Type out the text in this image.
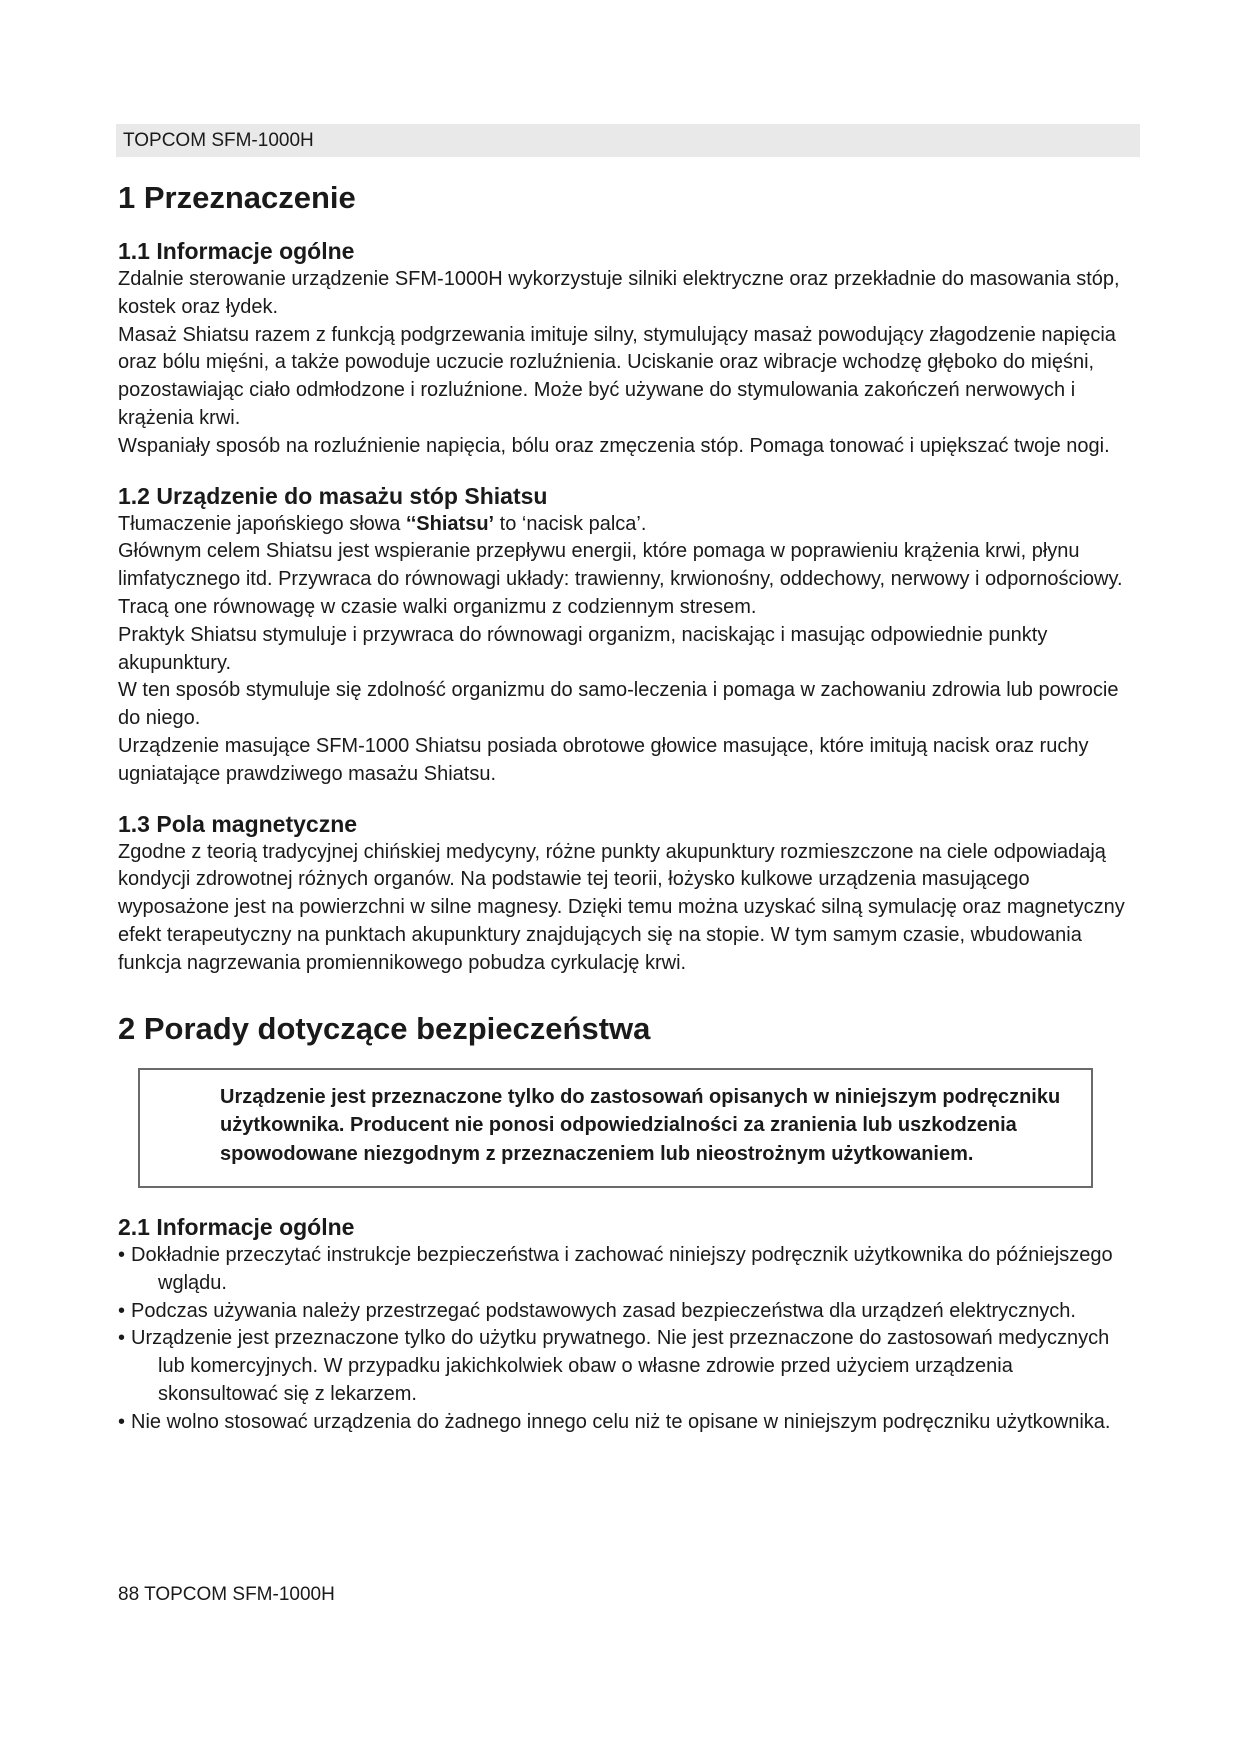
TOPCOM SFM-1000H
1 Przeznaczenie
1.1 Informacje ogólne

Zdalnie sterowanie urządzenie SFM-1000H wykorzystuje silniki elektryczne oraz przekładnie do masowania stóp, kostek oraz łydek.

Masaż Shiatsu razem z funkcją podgrzewania imituje silny, stymulujący masaż powodujący złagodzenie napięcia oraz bólu mięśni, a także powoduje uczucie rozluźnienia. Uciskanie oraz wibracje wchodzę głęboko do mięśni, pozostawiając ciało odmłodzone i rozluźnione. Może być używane do stymulowania zakończeń nerwowych i krążenia krwi.

Wspaniały sposób na rozluźnienie napięcia, bólu oraz zmęczenia stóp. Pomaga tonować i upiększać twoje nogi.

1.2 Urządzenie do masażu stóp Shiatsu

Tłumaczenie japońskiego słowa ‘‘Shiatsu’ to ‘nacisk palca’.

Głównym celem Shiatsu jest wspieranie przepływu energii, które pomaga w poprawieniu krążenia krwi, płynu limfatycznego itd. Przywraca do równowagi układy: trawienny, krwionośny, oddechowy, nerwowy i odpornościowy. Tracą one równowagę w czasie walki organizmu z codziennym stresem.

Praktyk Shiatsu stymuluje i przywraca do równowagi organizm, naciskając i masując odpowiednie punkty akupunktury.

W ten sposób stymuluje się zdolność organizmu do samo-leczenia i pomaga w zachowaniu zdrowia lub powrocie do niego.

Urządzenie masujące SFM-1000 Shiatsu posiada obrotowe głowice masujące, które imitują nacisk oraz ruchy ugniatające prawdziwego masażu Shiatsu.

1.3 Pola magnetyczne

Zgodne z teorią tradycyjnej chińskiej medycyny, różne punkty akupunktury rozmieszczone na ciele odpowiadają kondycji zdrowotnej różnych organów. Na podstawie tej teorii, łożysko kulkowe urządzenia masującego wyposażone jest na powierzchni w silne magnesy. Dzięki temu można uzyskać silną symulację oraz magnetyczny efekt terapeutyczny na punktach akupunktury znajdujących się na stopie. W tym samym czasie, wbudowania funkcja nagrzewania promiennikowego pobudza cyrkulację krwi.

2 Porady dotyczące bezpieczeństwa

Urządzenie jest przeznaczone tylko do zastosowań opisanych w niniejszym podręczniku użytkownika. Producent nie ponosi odpowiedzialności za zranienia lub uszkodzenia spowodowane niezgodnym z przeznaczeniem lub nieostrożnym użytkowaniem.

2.1 Informacje ogólne
• Dokładnie przeczytać instrukcje bezpieczeństwa i zachować niniejszy podręcznik użytkownika do późniejszego wglądu.
• Podczas używania należy przestrzegać podstawowych zasad bezpieczeństwa dla urządzeń elektrycznych.
• Urządzenie jest przeznaczone tylko do użytku prywatnego. Nie jest przeznaczone do zastosowań medycznych lub komercyjnych. W przypadku jakichkolwiek obaw o własne zdrowie przed użyciem urządzenia skonsultować się z lekarzem.
• Nie wolno stosować urządzenia do żadnego innego celu niż te opisane w niniejszym podręczniku użytkownika.
88 TOPCOM SFM-1000H
